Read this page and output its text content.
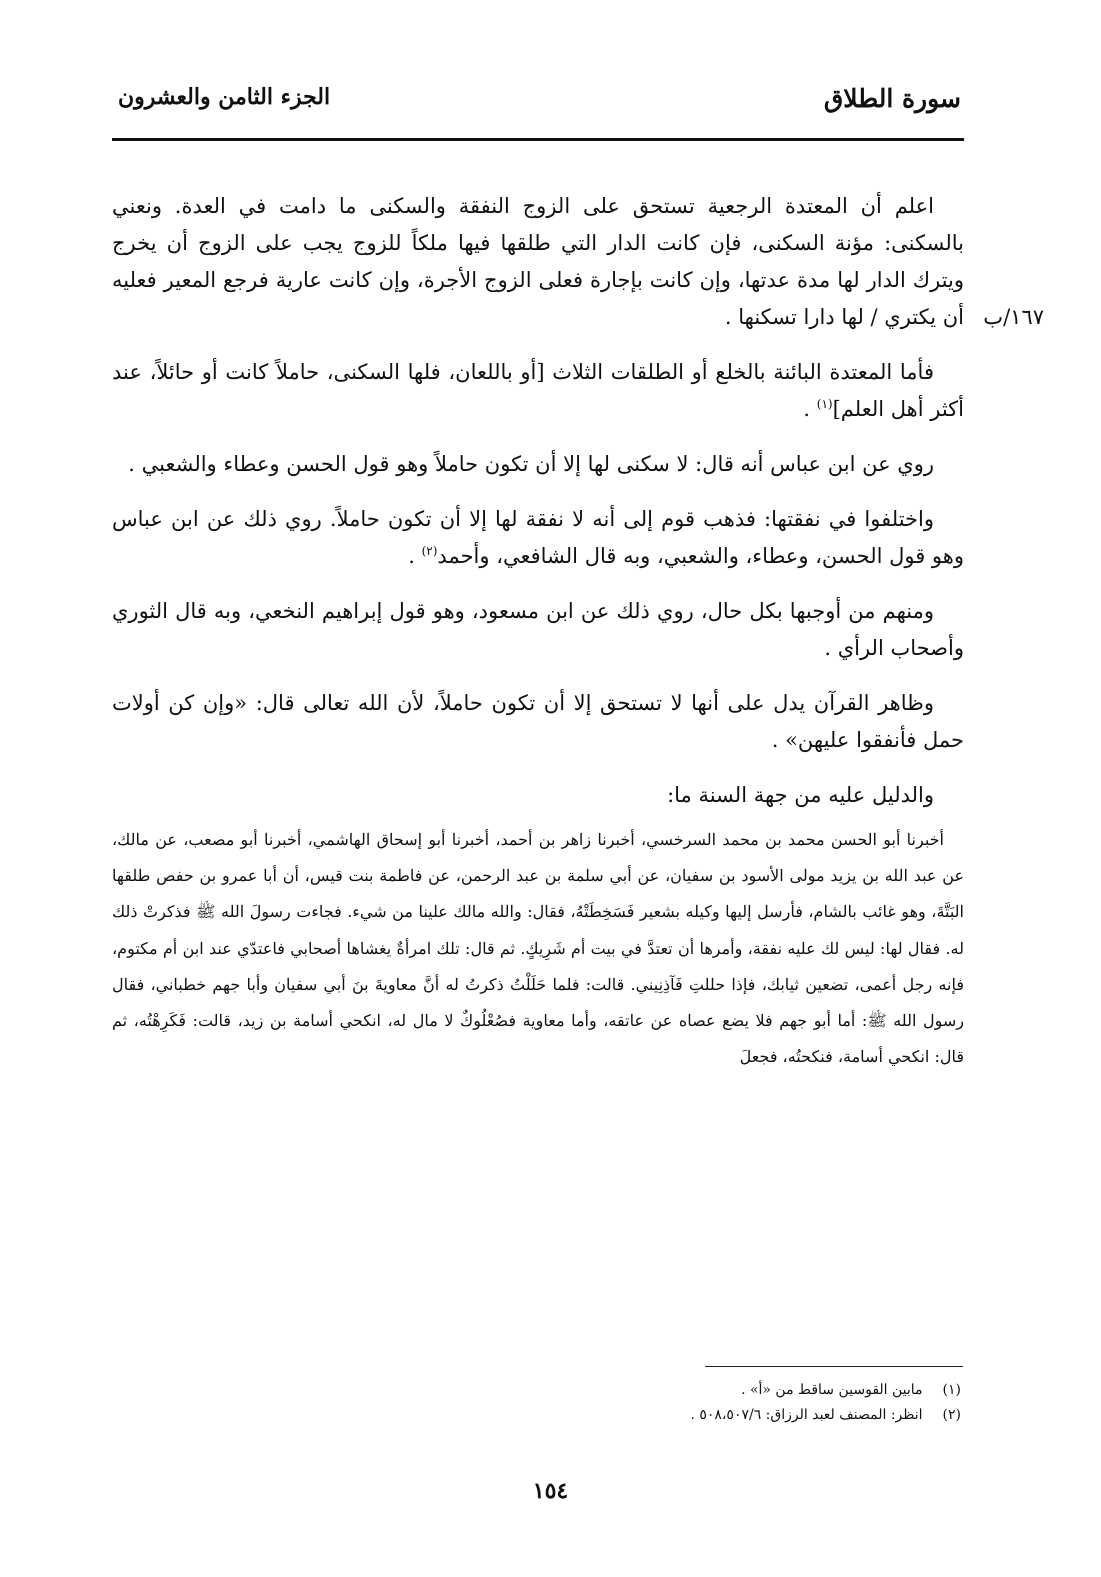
سورة الطلاق
الجزء الثامن والعشرون

اعلم أن المعتدة الرجعية تستحق على الزوج النفقة والسكنى ما دامت في العدة. ونعني بالسكنى: مؤنة السكنى، فإن كانت الدار التي طلقها فيها ملكاً للزوج يجب على الزوج أن يخرج ويترك الدار لها مدة عدتها، وإن كانت بإجارة فعلى الزوج الأجرة، وإن كانت عارية فرجع المعير فعليه أن يكتري / لها دارا تسكنها . ١٦٧/ب

فأما المعتدة البائنة بالخلع أو الطلقات الثلاث [أو باللعان، فلها السكنى، حاملاً كانت أو حائلاً، عند أكثر أهل العلم]$^{(١)}$ .

روي عن ابن عباس أنه قال: لا سكنى لها إلا أن تكون حاملاً وهو قول الحسن وعطاء والشعبي .

واختلفوا في نفقتها: فذهب قوم إلى أنه لا نفقة لها إلا أن تكون حاملاً. روي ذلك عن ابن عباس وهو قول الحسن، وعطاء، والشعبي، وبه قال الشافعي، وأحمد$^{(٢)}$ .

ومنهم من أوجبها بكل حال، روي ذلك عن ابن مسعود، وهو قول إبراهيم النخعي، وبه قال الثوري وأصحاب الرأي .

وظاهر القرآن يدل على أنها لا تستحق إلا أن تكون حاملاً، لأن الله تعالى قال: «وإن كن أولات حمل فأنفقوا عليهن» .

والدليل عليه من جهة السنة ما:

أخبرنا أبو الحسن محمد بن محمد السرخسي، أخبرنا زاهر بن أحمد، أخبرنا أبو إسحاق الهاشمي، أخبرنا أبو مصعب، عن مالك، عن عبد الله بن يزيد مولى الأسود بن سفيان، عن أبي سلمة بن عبد الرحمن، عن فاطمة بنت قيس، أن أبا عمرو بن حفص طلقها البَتَّةَ، وهو غائب بالشام، فأرسل إليها وكيله بشعير فَسَخِطَتْهُ، فقال: والله مالك علينا من شيء. فجاءت رسولَ الله ﷺ فذكرتْ ذلك له. فقال لها: ليس لك عليه نفقة، وأمرها أن تعتدَّ في بيت أم شَرِيكٍ. ثم قال: تلك امرأةٌ يغشاها أصحابي فاعتدّي عند ابن أم مكتوم، فإنه رجل أعمى، تضعين ثيابك، فإذا حللتِ فَآذِنِيني. قالت: فلما حَلَلْتُ ذكرتُ له أنَّ معاويةَ بنَ أبي سفيان وأبا جهم خطباني، فقال رسول الله ﷺ: أما أبو جهم فلا يضع عصاه عن عاتقه، وأما معاوية فصُعْلُوكٌ لا مال له، انكحي أسامة بن زيد، قالت: فَكَرِهْتُه، ثم قال: انكحي أسامة، فنكحتُه، فجعلَ

(١) مابين القوسين ساقط من «أ» .

(٢) انظر: المصنف لعبد الرزاق: ٥٠٨،٥٠٧/٦ .

١٥٤
